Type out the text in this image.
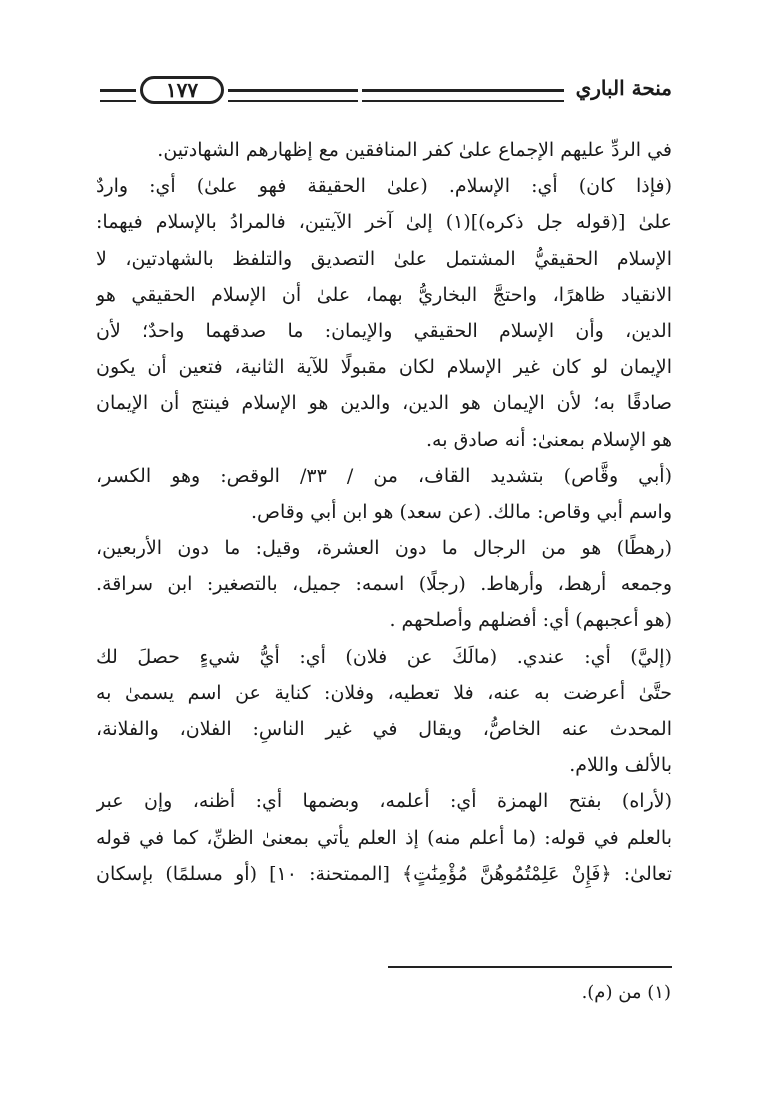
منحة الباري
١٧٧
في الردِّ عليهم الإجماع علىٰ كفر المنافقين مع إظهارهم الشهادتين.
(فإذا كان) أي: الإسلام. (علىٰ الحقيقة فهو علىٰ) أي: واردٌ
علىٰ [(قوله جل ذكره)](١) إلىٰ آخر الآيتين، فالمرادُ بالإسلام فيهما:
الإسلام الحقيقيُّ المشتمل علىٰ التصديق والتلفظ بالشهادتين، لا
الانقياد ظاهرًا، واحتجَّ البخاريُّ بهما، علىٰ أن الإسلام الحقيقي هو
الدين، وأن الإسلام الحقيقي والإيمان: ما صدقهما واحدٌ؛ لأن
الإيمان لو كان غير الإسلام لكان مقبولًا للآية الثانية، فتعين أن يكون
صادقًا به؛ لأن الإيمان هو الدين، والدين هو الإسلام فينتج أن الإيمان
هو الإسلام بمعنىٰ: أنه صادق به.
(أبي وقَّاص) بتشديد القاف، من / ٣٣/ الوقص: وهو الكسر،
واسم أبي وقاص: مالك. (عن سعد) هو ابن أبي وقاص.
(رهطًا) هو من الرجال ما دون العشرة، وقيل: ما دون الأربعين،
وجمعه أرهط، وأرهاط. (رجلًا) اسمه: جميل، بالتصغير: ابن سراقة.
(هو أعجبهم) أي: أفضلهم وأصلحهم .
(إليَّ) أي: عندي. (مالَكَ عن فلان) أي: أيُّ شيءٍ حصلَ لك
حتَّىٰ أعرضت به عنه، فلا تعطيه، وفلان: كناية عن اسم يسمىٰ به
المحدث عنه الخاصُّ، ويقال في غير الناسِ: الفلان، والفلانة،
بالألف واللام.
(لأراه) بفتح الهمزة أي: أعلمه، وبضمها أي: أظنه، وإن عبر
بالعلم في قوله: (ما أعلم منه) إذ العلم يأتي بمعنىٰ الظنِّ، كما في قوله
تعالىٰ: ﴿فَإِنْ عَلِمْتُمُوهُنَّ مُؤْمِنَٰتٍ﴾ [الممتحنة: ١٠] (أو مسلمًا) بإسكان
(١) من (م).
